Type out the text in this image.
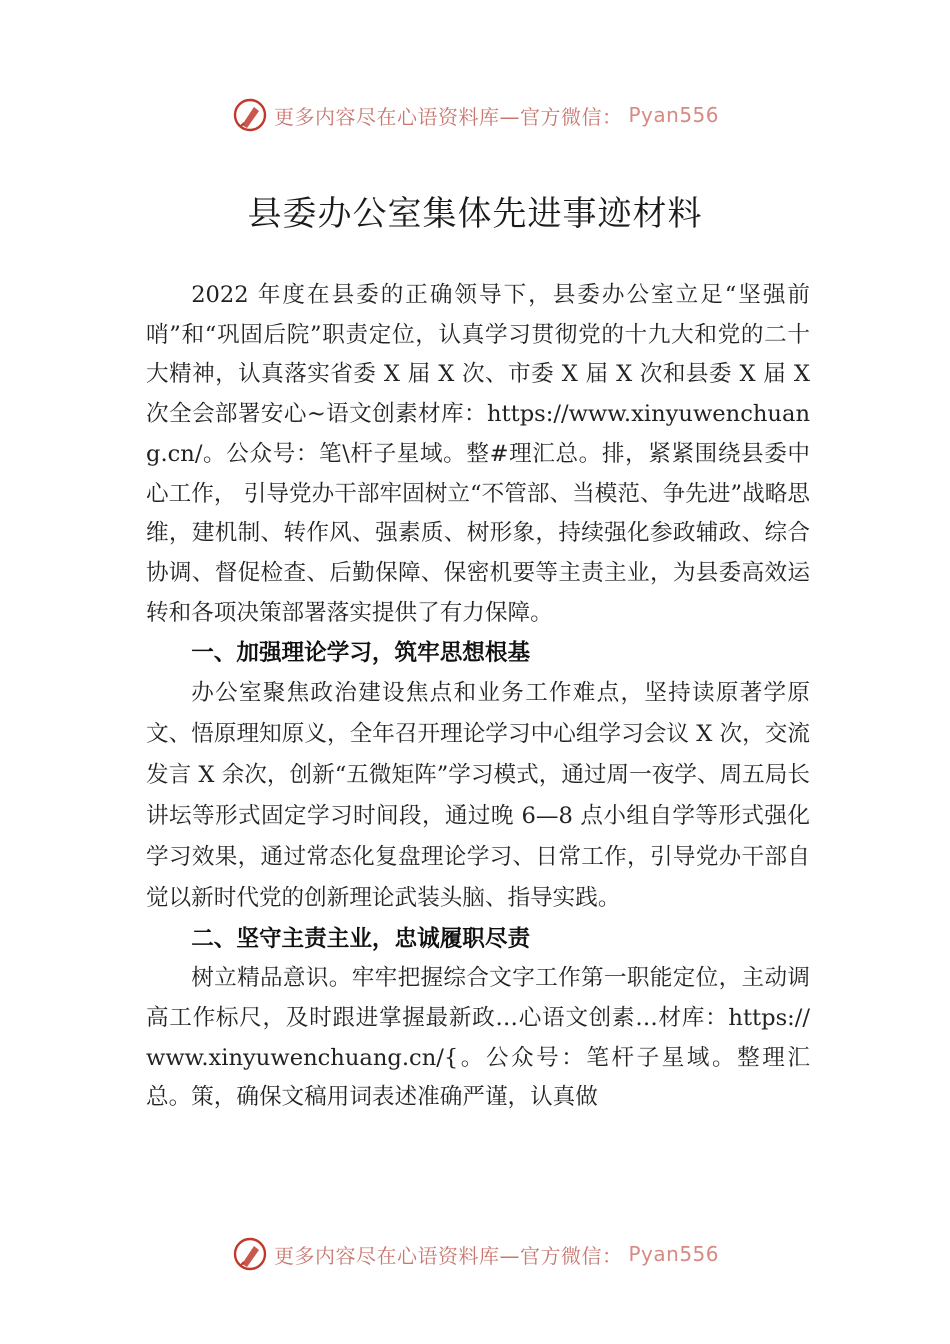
更多内容尽在心语资料库—官方微信： Pyan556
县委办公室集体先进事迹材料

2022 年度在县委的正确领导下，县委办公室立足“坚强前哨”和“巩固后院”职责定位，认真学习贯彻党的十九大和党的二十大精神，认真落实省委 X 届 X 次、市委 X 届 X 次和县委 X 届 X 次全会部署安心~语文创素材库：https://www.xinyuwenchuang.cn/。公众号：笔\杆子星域。整#理汇总。排，紧紧围绕县委中心工作， 引导党办干部牢固树立“不管部、当模范、争先进”战略思维，建机制、转作风、强素质、树形象，持续强化参政辅政、综合协调、督促检查、后勤保障、保密机要等主责主业，为县委高效运转和各项决策部署落实提供了有力保障。

一、加强理论学习，筑牢思想根基

办公室聚焦政治建设焦点和业务工作难点，坚持读原著学原文、悟原理知原义，全年召开理论学习中心组学习会议 X 次，交流发言 X 余次，创新“五微矩阵”学习模式，通过周一夜学、周五局长讲坛等形式固定学习时间段，通过晚 6—8 点小组自学等形式强化学习效果，通过常态化复盘理论学习、日常工作，引导党办干部自觉以新时代党的创新理论武装头脑、指导实践。

二、坚守主责主业，忠诚履职尽责

树立精品意识。牢牢把握综合文字工作第一职能定位，主动调高工作标尺，及时跟进掌握最新政…心语文创素…材库：https://www.xinyuwenchuang.cn/{。公众号：笔杆子星域。整理汇总。策，确保文稿用词表述准确严谨，认真做

更多内容尽在心语资料库—官方微信： Pyan556
